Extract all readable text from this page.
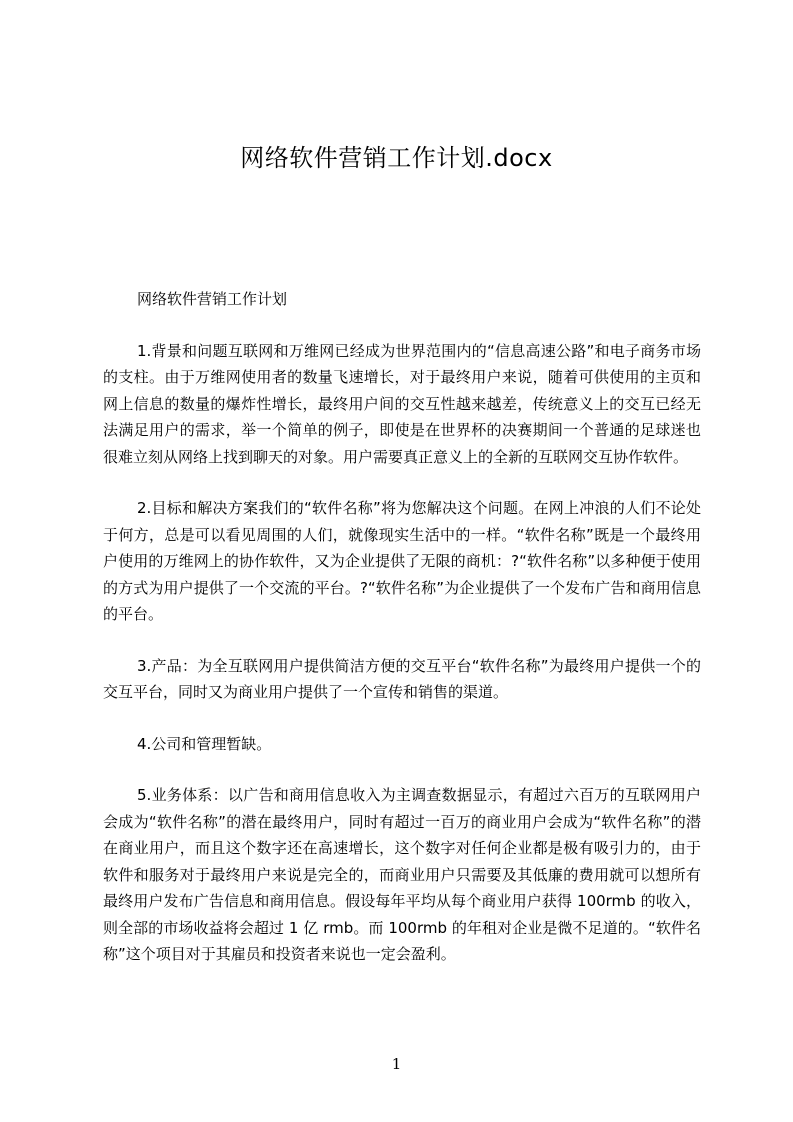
网络软件营销工作计划.docx

网络软件营销工作计划

1.背景和问题互联网和万维网已经成为世界范围内的“信息高速公路”和电子商务市场的支柱。由于万维网使用者的数量飞速增长，对于最终用户来说，随着可供使用的主页和网上信息的数量的爆炸性增长，最终用户间的交互性越来越差，传统意义上的交互已经无法满足用户的需求，举一个简单的例子，即使是在世界杯的决赛期间一个普通的足球迷也很难立刻从网络上找到聊天的对象。用户需要真正意义上的全新的互联网交互协作软件。

2.目标和解决方案我们的“软件名称”将为您解决这个问题。在网上冲浪的人们不论处于何方，总是可以看见周围的人们，就像现实生活中的一样。“软件名称”既是一个最终用户使用的万维网上的协作软件，又为企业提供了无限的商机：?“软件名称”以多种便于使用的方式为用户提供了一个交流的平台。?“软件名称”为企业提供了一个发布广告和商用信息的平台。

3.产品：为全互联网用户提供简洁方便的交互平台“软件名称”为最终用户提供一个的交互平台，同时又为商业用户提供了一个宣传和销售的渠道。

4.公司和管理暂缺。

5.业务体系：以广告和商用信息收入为主调查数据显示，有超过六百万的互联网用户会成为“软件名称”的潜在最终用户，同时有超过一百万的商业用户会成为“软件名称”的潜在商业用户，而且这个数字还在高速增长，这个数字对任何企业都是极有吸引力的，由于软件和服务对于最终用户来说是完全的，而商业用户只需要及其低廉的费用就可以想所有最终用户发布广告信息和商用信息。假设每年平均从每个商业用户获得 100rmb 的收入，则全部的市场收益将会超过 1 亿 rmb。而 100rmb 的年租对企业是微不足道的。“软件名称”这个项目对于其雇员和投资者来说也一定会盈利。

1
